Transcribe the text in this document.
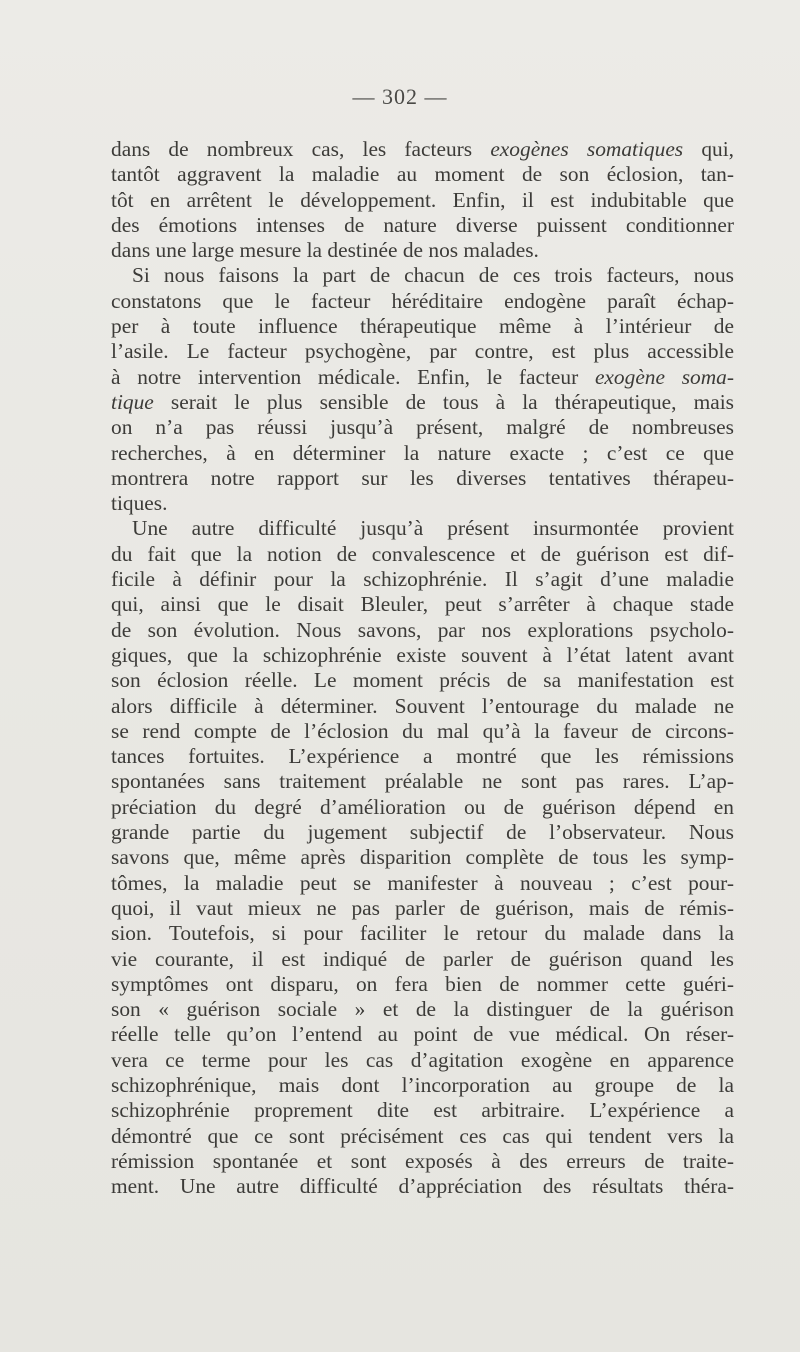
— 302 —
dans de nombreux cas, les facteurs exogènes somatiques qui,
tantôt aggravent la maladie au moment de son éclosion, tan-
tôt en arrêtent le développement. Enfin, il est indubitable que
des émotions intenses de nature diverse puissent conditionner
dans une large mesure la destinée de nos malades.
Si nous faisons la part de chacun de ces trois facteurs, nous
constatons que le facteur héréditaire endogène paraît échap-
per à toute influence thérapeutique même à l’intérieur de
l’asile. Le facteur psychogène, par contre, est plus accessible
à notre intervention médicale. Enfin, le facteur exogène soma-
tique serait le plus sensible de tous à la thérapeutique, mais
on n’a pas réussi jusqu’à présent, malgré de nombreuses
recherches, à en déterminer la nature exacte ; c’est ce que
montrera notre rapport sur les diverses tentatives thérapeu-
tiques.
Une autre difficulté jusqu’à présent insurmontée provient
du fait que la notion de convalescence et de guérison est dif-
ficile à définir pour la schizophrénie. Il s’agit d’une maladie
qui, ainsi que le disait Bleuler, peut s’arrêter à chaque stade
de son évolution. Nous savons, par nos explorations psycholo-
giques, que la schizophrénie existe souvent à l’état latent avant
son éclosion réelle. Le moment précis de sa manifestation est
alors difficile à déterminer. Souvent l’entourage du malade ne
se rend compte de l’éclosion du mal qu’à la faveur de circons-
tances fortuites. L’expérience a montré que les rémissions
spontanées sans traitement préalable ne sont pas rares. L’ap-
préciation du degré d’amélioration ou de guérison dépend en
grande partie du jugement subjectif de l’observateur. Nous
savons que, même après disparition complète de tous les symp-
tômes, la maladie peut se manifester à nouveau ; c’est pour-
quoi, il vaut mieux ne pas parler de guérison, mais de rémis-
sion. Toutefois, si pour faciliter le retour du malade dans la
vie courante, il est indiqué de parler de guérison quand les
symptômes ont disparu, on fera bien de nommer cette guéri-
son « guérison sociale » et de la distinguer de la guérison
réelle telle qu’on l’entend au point de vue médical. On réser-
vera ce terme pour les cas d’agitation exogène en apparence
schizophrénique, mais dont l’incorporation au groupe de la
schizophrénie proprement dite est arbitraire. L’expérience a
démontré que ce sont précisément ces cas qui tendent vers la
rémission spontanée et sont exposés à des erreurs de traite-
ment. Une autre difficulté d’appréciation des résultats théra-
